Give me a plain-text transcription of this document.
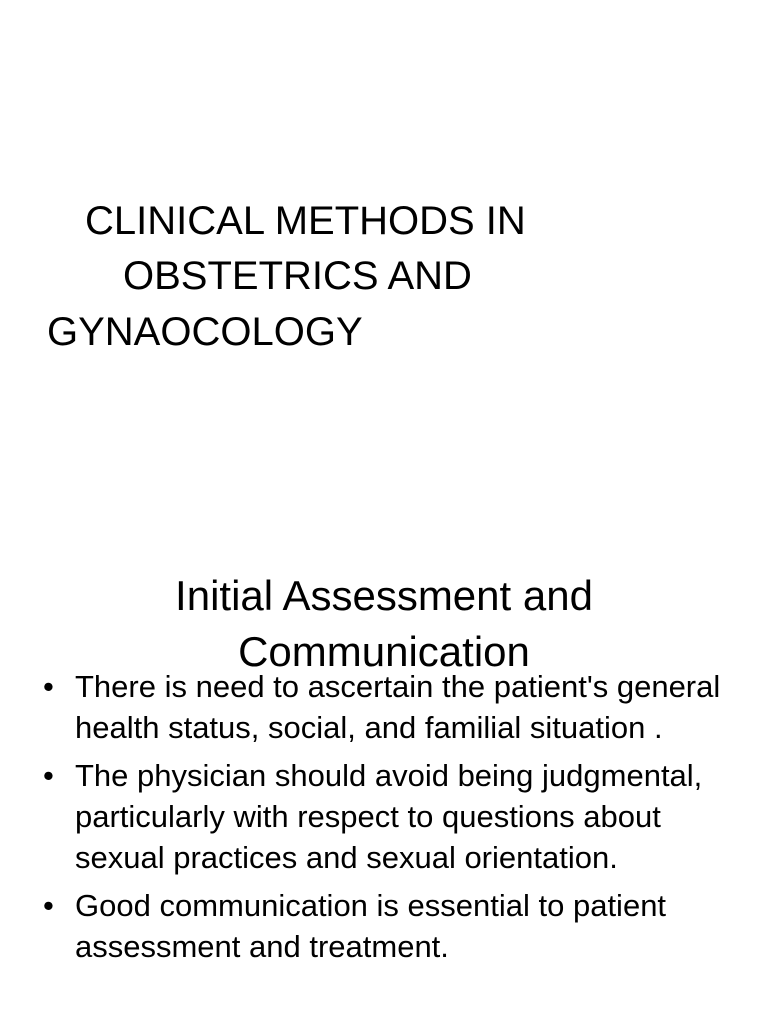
CLINICAL METHODS IN
OBSTETRICS AND
GYNAOCOLOGY
Initial Assessment and
Communication
• There is need to ascertain the patient's general health status, social, and familial situation .
• The physician should avoid being judgmental, particularly with respect to questions about sexual practices and sexual orientation.
• Good communication is essential to patient assessment and treatment.
